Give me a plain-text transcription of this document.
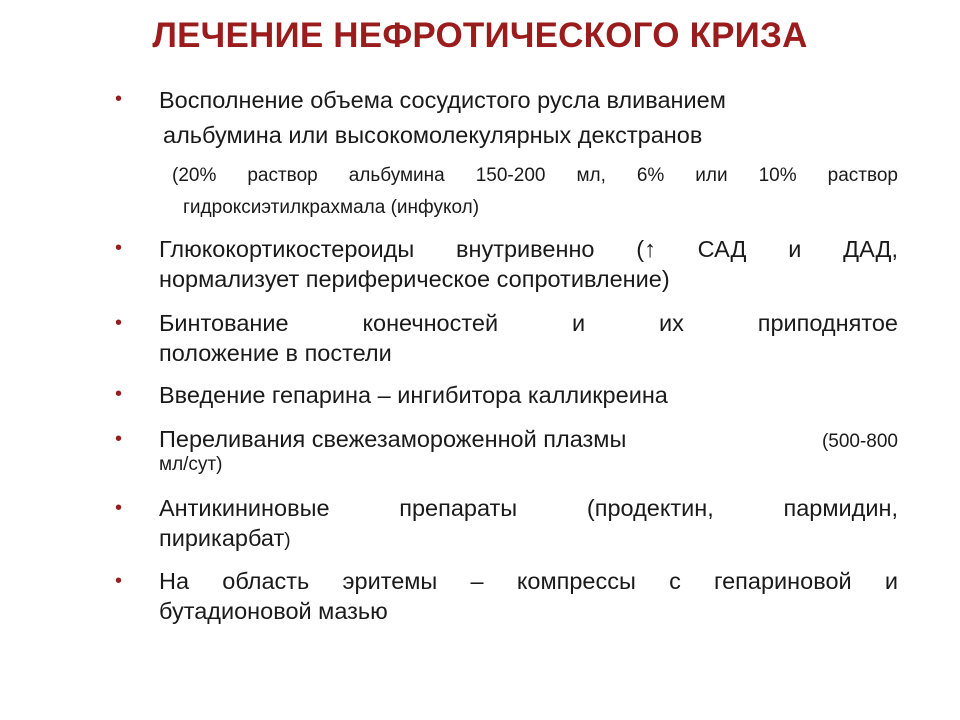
ЛЕЧЕНИЕ НЕФРОТИЧЕСКОГО КРИЗА
• Восполнение объема сосудистого русла вливанием
альбумина или высокомолекулярных декстранов
(20% раствор альбумина 150-200 мл, 6% или 10% раствор
гидроксиэтилкрахмала (инфукол)
• Глюкокортикостероиды внутривенно (↑ САД и ДАД,
нормализует периферическое сопротивление)
• Бинтование конечностей и их приподнятое
положение в постели
• Введение гепарина – ингибитора калликреина
• Переливания свежезамороженной плазмы	(500-800
мл/сут)
• Антикининовые препараты (продектин, пармидин,
пирикарбат)
• На область эритемы – компрессы с гепариновой и
бутадионовой мазью
